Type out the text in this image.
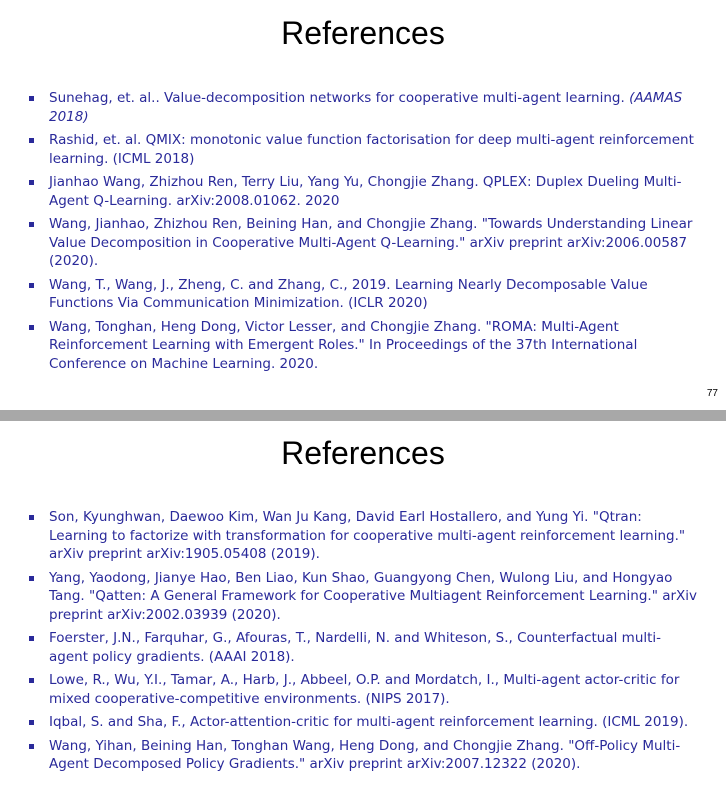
References
Sunehag, et. al.. Value-decomposition networks for cooperative multi-agent learning. (AAMAS 2018)
Rashid, et. al. QMIX: monotonic value function factorisation for deep multi-agent reinforcement learning. (ICML 2018)
Jianhao Wang, Zhizhou Ren, Terry Liu, Yang Yu, Chongjie Zhang. QPLEX: Duplex Dueling Multi-Agent Q-Learning. arXiv:2008.01062. 2020
Wang, Jianhao, Zhizhou Ren, Beining Han, and Chongjie Zhang. "Towards Understanding Linear Value Decomposition in Cooperative Multi-Agent Q-Learning." arXiv preprint arXiv:2006.00587 (2020).
Wang, T., Wang, J., Zheng, C. and Zhang, C., 2019. Learning Nearly Decomposable Value Functions Via Communication Minimization. (ICLR 2020)
Wang, Tonghan, Heng Dong, Victor Lesser, and Chongjie Zhang. "ROMA: Multi-Agent Reinforcement Learning with Emergent Roles." In Proceedings of the 37th International Conference on Machine Learning. 2020.
77
References
Son, Kyunghwan, Daewoo Kim, Wan Ju Kang, David Earl Hostallero, and Yung Yi. "Qtran: Learning to factorize with transformation for cooperative multi-agent reinforcement learning." arXiv preprint arXiv:1905.05408 (2019).
Yang, Yaodong, Jianye Hao, Ben Liao, Kun Shao, Guangyong Chen, Wulong Liu, and Hongyao Tang. "Qatten: A General Framework for Cooperative Multiagent Reinforcement Learning." arXiv preprint arXiv:2002.03939 (2020).
Foerster, J.N., Farquhar, G., Afouras, T., Nardelli, N. and Whiteson, S., Counterfactual multi-agent policy gradients. (AAAI 2018).
Lowe, R., Wu, Y.I., Tamar, A., Harb, J., Abbeel, O.P. and Mordatch, I., Multi-agent actor-critic for mixed cooperative-competitive environments. (NIPS 2017).
Iqbal, S. and Sha, F., Actor-attention-critic for multi-agent reinforcement learning. (ICML 2019).
Wang, Yihan, Beining Han, Tonghan Wang, Heng Dong, and Chongjie Zhang. "Off-Policy Multi-Agent Decomposed Policy Gradients." arXiv preprint arXiv:2007.12322 (2020).
